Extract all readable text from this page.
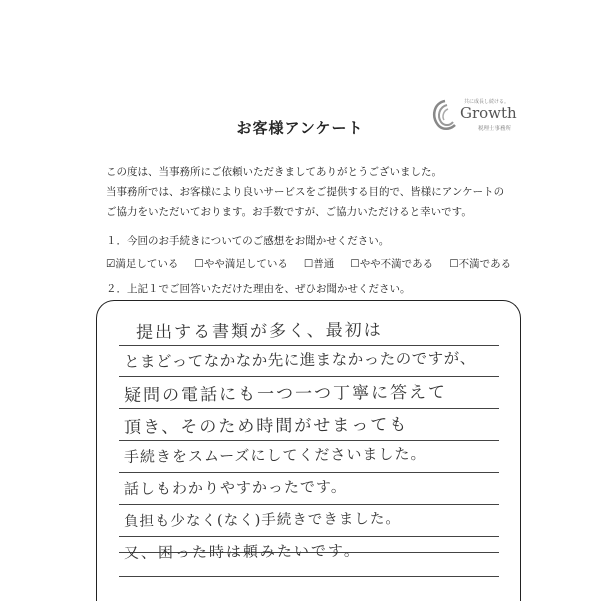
お客様アンケート
共に成長し続ける。
Growth
税理士事務所
この度は、当事務所にご依頼いただきましてありがとうございました。
当事務所では、お客様により良いサービスをご提供する目的で、皆様にアンケートの
ご協力をいただいております。お手数ですが、ご協力いただけると幸いです。
１．今回のお手続きについてのご感想をお聞かせください。
☑満足している ☐やや満足している ☐普通 ☐やや不満である ☐不満である
２．上記１でご回答いただけた理由を、ぜひお聞かせください。
提出する書類が多く、最初は
とまどってなかなか先に進まなかったのですが、
疑問の電話にも一つ一つ丁寧に答えて
頂き、そのため時間がせまっても
手続きをスムーズにしてくださいました。
話しもわかりやすかったです。
負担も少なく(なく)手続きできました。
又、困った時は頼みたいです。
